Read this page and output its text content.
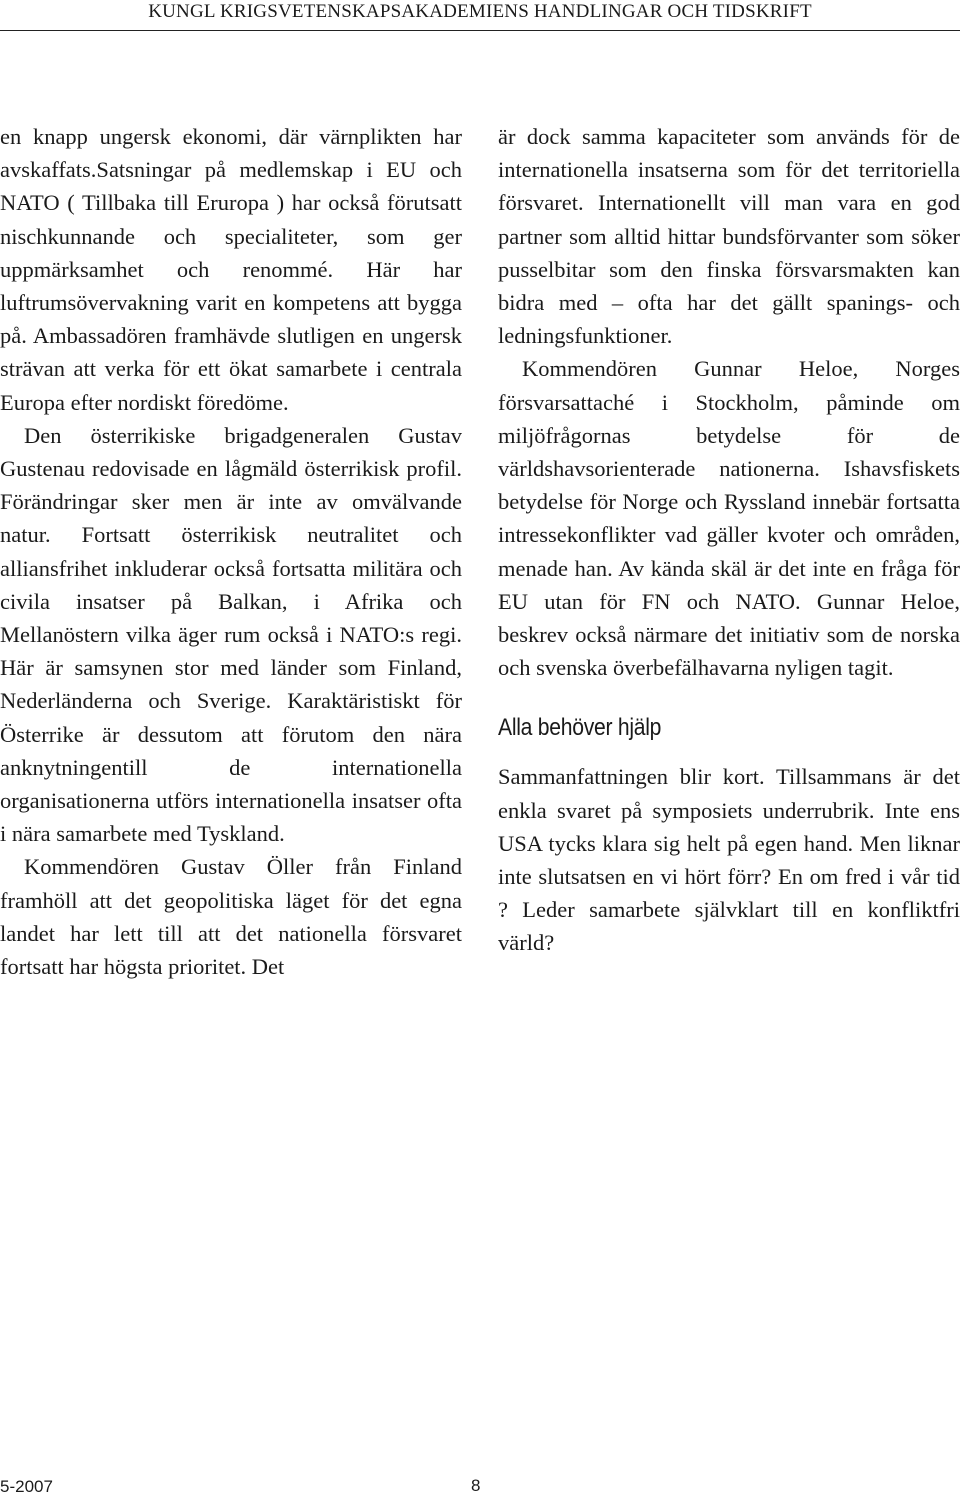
KUNGL KRIGSVETENSKAPSAKADEMIENS HANDLINGAR OCH TIDSKRIFT

en knapp ungersk ekonomi, där värnplikten har avskaffats.Satsningar på medlemskap i EU och NATO ( Tillbaka till Eruropa ) har också förutsatt nischkunnande och specialiteter, som ger uppmärksamhet och renommé. Här har luftrumsövervakning varit en kompetens att bygga på. Ambassadören framhävde slutligen en ungersk strävan att verka för ett ökat samarbete i centrala Europa efter nordiskt föredöme.

Den österrikiske brigadgeneralen Gustav Gustenau redovisade en lågmäld österrikisk profil. Förändringar sker men är inte av omvälvande natur. Fortsatt österrikisk neutralitet och alliansfrihet inkluderar också fortsatta militära och civila insatser på Balkan, i Afrika och Mellanöstern vilka äger rum också i NATO:s regi. Här är samsynen stor med länder som Finland, Nederländerna och Sverige. Karaktäristiskt för Österrike är dessutom att förutom den nära anknytningentill de internationella organisationerna utförs internationella insatser ofta i nära samarbete med Tyskland.

Kommendören Gustav Öller från Finland framhöll att det geopolitiska läget för det egna landet har lett till att det nationella försvaret fortsatt har högsta prioritet. Det

är dock samma kapaciteter som används för de internationella insatserna som för det territoriella försvaret. Internationellt vill man vara en god partner som alltid hittar bundsförvanter som söker pusselbitar som den finska försvarsmakten kan bidra med – ofta har det gällt spanings- och ledningsfunktioner.

Kommendören Gunnar Heloe, Norges försvarsattaché i Stockholm, påminde om miljöfrågornas betydelse för de världshavsorienterade nationerna. Ishavsfiskets betydelse för Norge och Ryssland innebär fortsatta intressekonflikter vad gäller kvoter och områden, menade han. Av kända skäl är det inte en fråga för EU utan för FN och NATO. Gunnar Heloe, beskrev också närmare det initiativ som de norska och svenska överbefälhavarna nyligen tagit.

Alla behöver hjälp

Sammanfattningen blir kort. Tillsammans är det enkla svaret på symposiets underrubrik. Inte ens USA tycks klara sig helt på egen hand. Men liknar inte slutsatsen en vi hört förr? En om fred i vår tid ? Leder samarbete självklart till en konfliktfri värld?

5-2007	8
